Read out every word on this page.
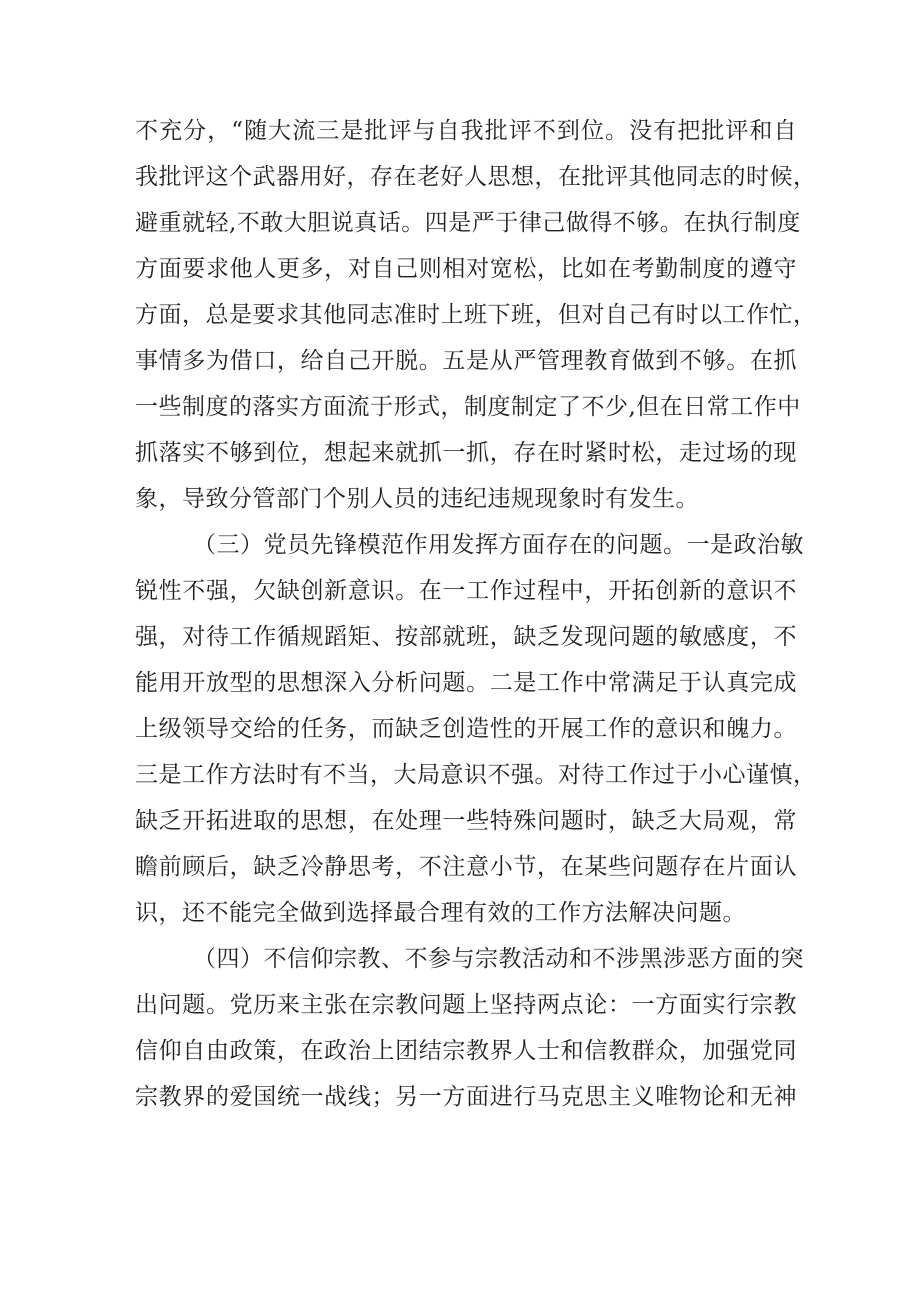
不充分，“随大流三是批评与自我批评不到位。没有把批评和自
我批评这个武器用好，存在老好人思想，在批评其他同志的时候，
避重就轻,不敢大胆说真话。四是严于律己做得不够。在执行制度
方面要求他人更多，对自己则相对宽松，比如在考勤制度的遵守
方面，总是要求其他同志准时上班下班，但对自己有时以工作忙，
事情多为借口，给自己开脱。五是从严管理教育做到不够。在抓
一些制度的落实方面流于形式，制度制定了不少,但在日常工作中
抓落实不够到位，想起来就抓一抓，存在时紧时松，走过场的现
象，导致分管部门个别人员的违纪违规现象时有发生。
（三）党员先锋模范作用发挥方面存在的问题。一是政治敏
锐性不强，欠缺创新意识。在一工作过程中，开拓创新的意识不
强，对待工作循规蹈矩、按部就班，缺乏发现问题的敏感度，不
能用开放型的思想深入分析问题。二是工作中常满足于认真完成
上级领导交给的任务，而缺乏创造性的开展工作的意识和魄力。
三是工作方法时有不当，大局意识不强。对待工作过于小心谨慎，
缺乏开拓进取的思想，在处理一些特殊问题时，缺乏大局观，常
瞻前顾后，缺乏冷静思考，不注意小节，在某些问题存在片面认
识，还不能完全做到选择最合理有效的工作方法解决问题。
（四）不信仰宗教、不参与宗教活动和不涉黑涉恶方面的突
出问题。党历来主张在宗教问题上坚持两点论：一方面实行宗教
信仰自由政策，在政治上团结宗教界人士和信教群众，加强党同
宗教界的爱国统一战线；另一方面进行马克思主义唯物论和无神
